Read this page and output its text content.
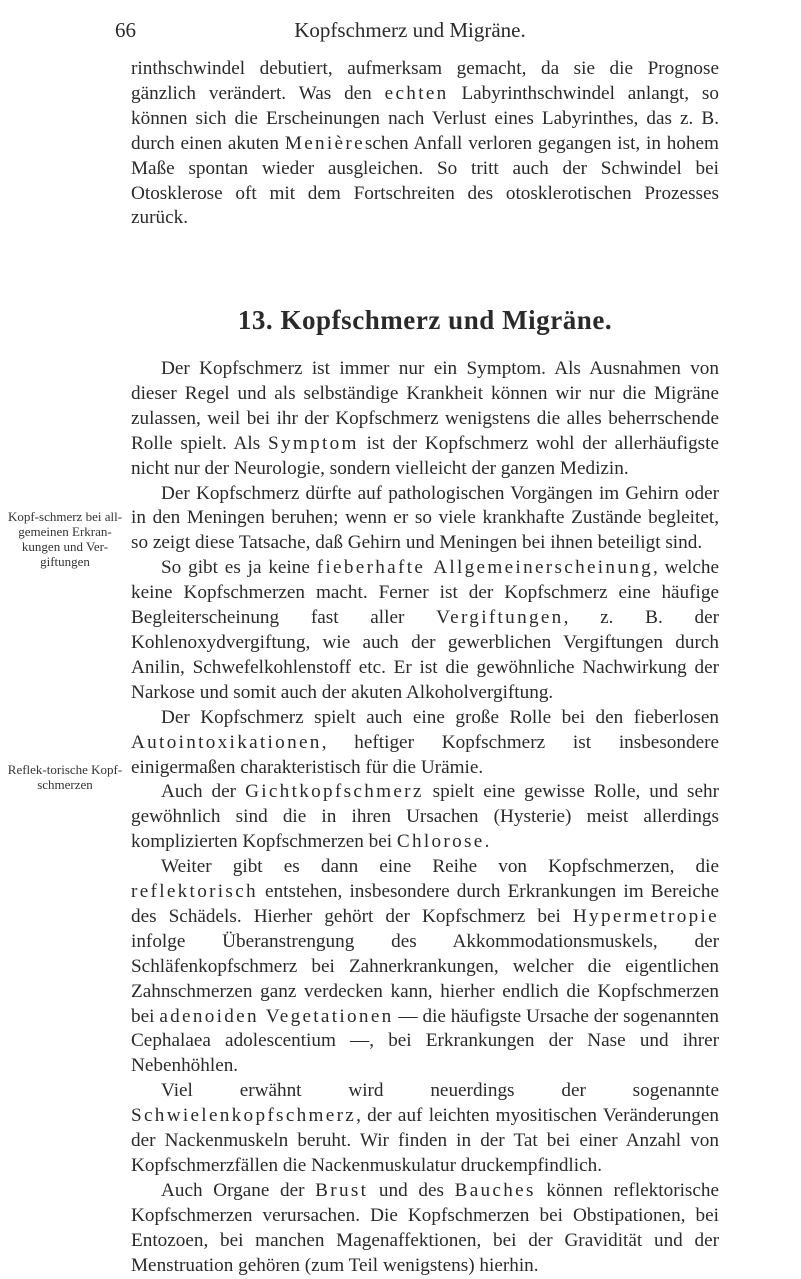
66	Kopfschmerz und Migräne.

rinthschwindel debutiert, aufmerksam gemacht, da sie die Prognose gänzlich verändert. Was den echten Labyrinthschwindel anlangt, so können sich die Erscheinungen nach Verlust eines Labyrinthes, das z. B. durch einen akuten Menièreschen Anfall verloren gegangen ist, in hohem Maße spontan wieder ausgleichen. So tritt auch der Schwindel bei Otosklerose oft mit dem Fortschreiten des otosklerotischen Prozesses zurück.

13. Kopfschmerz und Migräne.
Kopf-schmerz bei all-gemeinen Erkran-kungen und Ver-giftungen
Reflek-torische Kopf-schmerzen

Der Kopfschmerz ist immer nur ein Symptom. Als Ausnahmen von dieser Regel und als selbständige Krankheit können wir nur die Migräne zulassen, weil bei ihr der Kopfschmerz wenigstens die alles beherrschende Rolle spielt. Als Symptom ist der Kopfschmerz wohl der allerhäufigste nicht nur der Neurologie, sondern vielleicht der ganzen Medizin.

Der Kopfschmerz dürfte auf pathologischen Vorgängen im Gehirn oder in den Meningen beruhen; wenn er so viele krankhafte Zustände begleitet, so zeigt diese Tatsache, daß Gehirn und Meningen bei ihnen beteiligt sind.

So gibt es ja keine fieberhafte Allgemeinerscheinung, welche keine Kopfschmerzen macht. Ferner ist der Kopfschmerz eine häufige Begleiterscheinung fast aller Vergiftungen, z. B. der Kohlenoxydvergiftung, wie auch der gewerblichen Vergiftungen durch Anilin, Schwefelkohlenstoff etc. Er ist die gewöhnliche Nachwirkung der Narkose und somit auch der akuten Alkoholvergiftung.

Der Kopfschmerz spielt auch eine große Rolle bei den fieberlosen Autointoxikationen, heftiger Kopfschmerz ist insbesondere einigermaßen charakteristisch für die Urämie.

Auch der Gichtkopfschmerz spielt eine gewisse Rolle, und sehr gewöhnlich sind die in ihren Ursachen (Hysterie) meist allerdings komplizierten Kopfschmerzen bei Chlorose.

Weiter gibt es dann eine Reihe von Kopfschmerzen, die reflektorisch entstehen, insbesondere durch Erkrankungen im Bereiche des Schädels. Hierher gehört der Kopfschmerz bei Hypermetropie infolge Überanstrengung des Akkommodationsmuskels, der Schläfenkopfschmerz bei Zahnerkrankungen, welcher die eigentlichen Zahnschmerzen ganz verdecken kann, hierher endlich die Kopfschmerzen bei adenoiden Vegetationen — die häufigste Ursache der sogenannten Cephalaea adolescentium —, bei Erkrankungen der Nase und ihrer Nebenhöhlen.

Viel erwähnt wird neuerdings der sogenannte Schwielenkopfschmerz, der auf leichten myositischen Veränderungen der Nackenmuskeln beruht. Wir finden in der Tat bei einer Anzahl von Kopfschmerzfällen die Nackenmuskulatur druckempfindlich.

Auch Organe der Brust und des Bauches können reflektorische Kopfschmerzen verursachen. Die Kopfschmerzen bei Obstipationen, bei Entozoen, bei manchen Magenaffektionen, bei der Gravidität und der Menstruation gehören (zum Teil wenigstens) hierhin.
